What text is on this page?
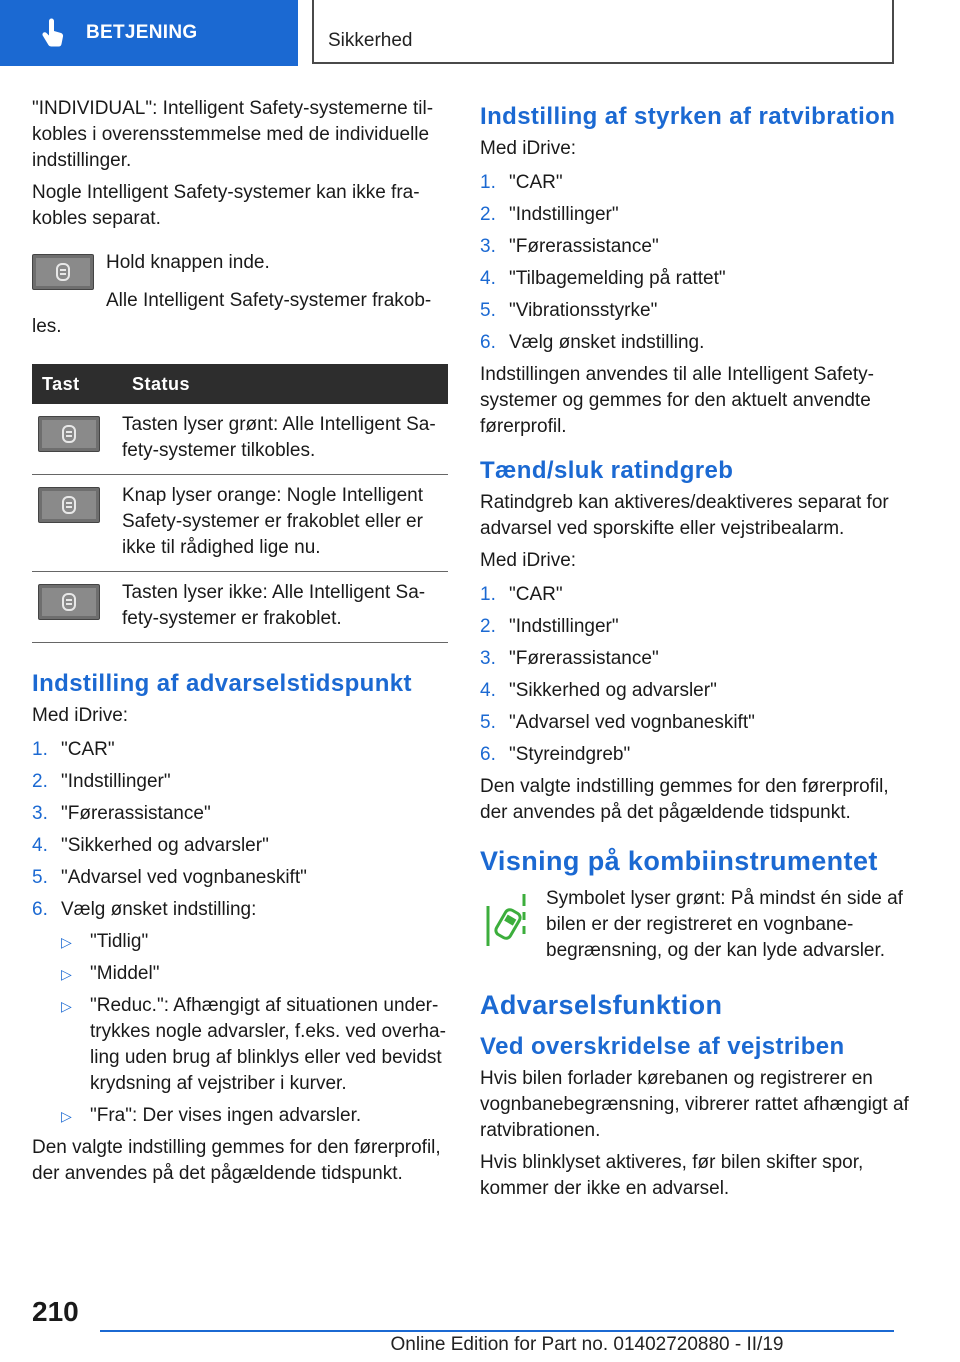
BETJENING	Sikkerhed

"INDIVIDUAL": Intelligent Safety-systemerne tilkobles i overensstemmelse med de individuelle indstillinger.

Nogle Intelligent Safety-systemer kan ikke frakobles separat.

Hold knappen inde.

Alle Intelligent Safety-systemer frakobles.

Tast	Status

	Tasten lyser grønt: Alle Intelligent Safety-systemer tilkobles.

	Knap lyser orange: Nogle Intelligent Safety-systemer er frakoblet eller er ikke til rådighed lige nu.

	Tasten lyser ikke: Alle Intelligent Safety-systemer er frakoblet.
Indstilling af advarselstidspunkt

Med iDrive:

1. "CAR"
2. "Indstillinger"
3. "Førerassistance"
4. "Sikkerhed og advarsler"
5. "Advarsel ved vognbaneskift"
6. Vælg ønsket indstilling:
▷ "Tidlig"
▷ "Middel"
▷ "Reduc.": Afhængigt af situationen undertrykkes nogle advarsler, f.eks. ved overhaling uden brug af blinklys eller ved bevidst krydsning af vejstriber i kurver.
▷ "Fra": Der vises ingen advarsler.

Den valgte indstilling gemmes for den førerprofil, der anvendes på det pågældende tidspunkt.

Indstilling af styrken af ratvibration

Med iDrive:

1. "CAR"
2. "Indstillinger"
3. "Førerassistance"
4. "Tilbagemelding på rattet"
5. "Vibrationsstyrke"
6. Vælg ønsket indstilling.

Indstillingen anvendes til alle Intelligent Safety-systemer og gemmes for den aktuelt anvendte førerprofil.

Tænd/sluk ratindgreb

Ratindgreb kan aktiveres/deaktiveres separat for advarsel ved sporskifte eller vejstribealarm.

Med iDrive:

1. "CAR"
2. "Indstillinger"
3. "Førerassistance"
4. "Sikkerhed og advarsler"
5. "Advarsel ved vognbaneskift"
6. "Styreindgreb"

Den valgte indstilling gemmes for den førerprofil, der anvendes på det pågældende tidspunkt.

Visning på kombiinstrumentet

Symbolet lyser grønt: På mindst én side af bilen er der registreret en vognbanebegrænsning, og der kan lyde advarsler.

Advarselsfunktion
Ved overskridelse af vejstriben

Hvis bilen forlader kørebanen og registrerer en vognbanebegrænsning, vibrerer rattet afhængigt af ratvibrationen.

Hvis blinklyset aktiveres, før bilen skifter spor, kommer der ikke en advarsel.

210
Online Edition for Part no. 01402720880 - II/19
